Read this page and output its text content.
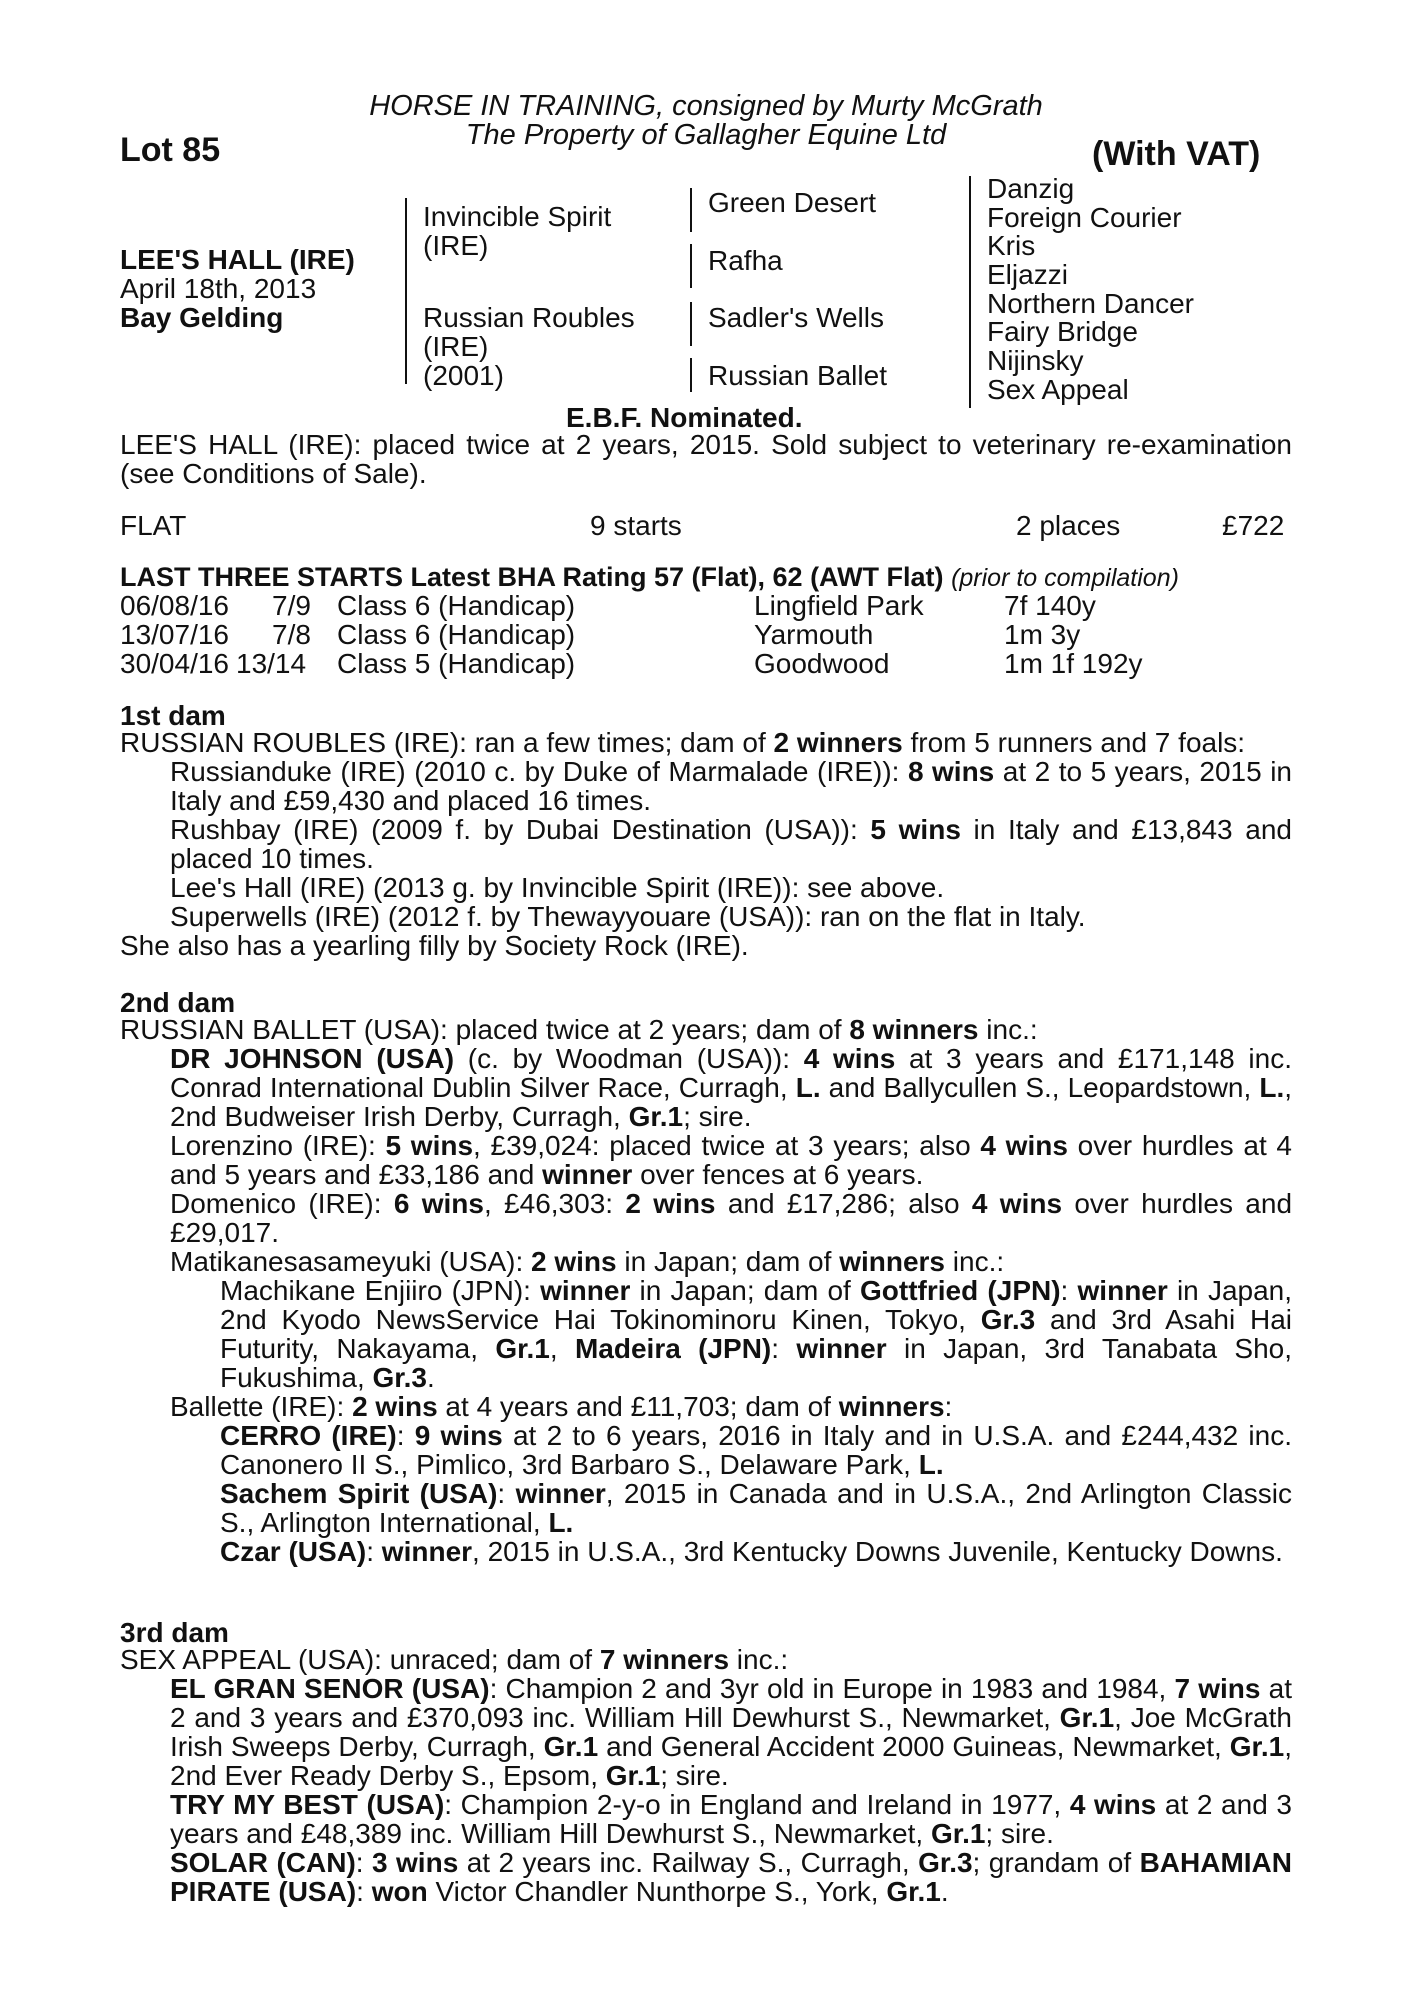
HORSE IN TRAINING, consigned by Murty McGrath
The Property of Gallagher Equine Ltd
Lot 85	(With VAT)
LEE'S HALL (IRE)
April 18th, 2013
Bay Gelding
Invincible Spirit
(IRE)
Russian Roubles
(IRE)
(2001)
Green Desert
Rafha
Sadler's Wells
Russian Ballet
Danzig
Foreign Courier
Kris
Eljazzi
Northern Dancer
Fairy Bridge
Nijinsky
Sex Appeal
E.B.F. Nominated.
LEE'S HALL (IRE): placed twice at 2 years, 2015. Sold subject to veterinary re-examination (see Conditions of Sale).
FLAT	9 starts	2 places	£722
LAST THREE STARTS Latest BHA Rating 57 (Flat), 62 (AWT Flat) (prior to compilation)
06/08/16 7/9 Class 6 (Handicap)	Lingfield Park	7f 140y
13/07/16 7/8 Class 6 (Handicap)	Yarmouth	1m 3y
30/04/16 13/14 Class 5 (Handicap)	Goodwood	1m 1f 192y
1st dam
RUSSIAN ROUBLES (IRE): ran a few times; dam of 2 winners from 5 runners and 7 foals:
Russianduke (IRE) (2010 c. by Duke of Marmalade (IRE)): 8 wins at 2 to 5 years, 2015 in Italy and £59,430 and placed 16 times.
Rushbay (IRE) (2009 f. by Dubai Destination (USA)): 5 wins in Italy and £13,843 and placed 10 times.
Lee's Hall (IRE) (2013 g. by Invincible Spirit (IRE)): see above.
Superwells (IRE) (2012 f. by Thewayyouare (USA)): ran on the flat in Italy.
She also has a yearling filly by Society Rock (IRE).
2nd dam
RUSSIAN BALLET (USA): placed twice at 2 years; dam of 8 winners inc.:
DR JOHNSON (USA) (c. by Woodman (USA)): 4 wins at 3 years and £171,148 inc. Conrad International Dublin Silver Race, Curragh, L. and Ballycullen S., Leopardstown, L., 2nd Budweiser Irish Derby, Curragh, Gr.1; sire.
Lorenzino (IRE): 5 wins, £39,024: placed twice at 3 years; also 4 wins over hurdles at 4 and 5 years and £33,186 and winner over fences at 6 years.
Domenico (IRE): 6 wins, £46,303: 2 wins and £17,286; also 4 wins over hurdles and £29,017.
Matikanesasameyuki (USA): 2 wins in Japan; dam of winners inc.:
Machikane Enjiiro (JPN): winner in Japan; dam of Gottfried (JPN): winner in Japan, 2nd Kyodo NewsService Hai Tokinominoru Kinen, Tokyo, Gr.3 and 3rd Asahi Hai Futurity, Nakayama, Gr.1, Madeira (JPN): winner in Japan, 3rd Tanabata Sho, Fukushima, Gr.3.
Ballette (IRE): 2 wins at 4 years and £11,703; dam of winners:
CERRO (IRE): 9 wins at 2 to 6 years, 2016 in Italy and in U.S.A. and £244,432 inc. Canonero II S., Pimlico, 3rd Barbaro S., Delaware Park, L.
Sachem Spirit (USA): winner, 2015 in Canada and in U.S.A., 2nd Arlington Classic S., Arlington International, L.
Czar (USA): winner, 2015 in U.S.A., 3rd Kentucky Downs Juvenile, Kentucky Downs.
3rd dam
SEX APPEAL (USA): unraced; dam of 7 winners inc.:
EL GRAN SENOR (USA): Champion 2 and 3yr old in Europe in 1983 and 1984, 7 wins at 2 and 3 years and £370,093 inc. William Hill Dewhurst S., Newmarket, Gr.1, Joe McGrath Irish Sweeps Derby, Curragh, Gr.1 and General Accident 2000 Guineas, Newmarket, Gr.1, 2nd Ever Ready Derby S., Epsom, Gr.1; sire.
TRY MY BEST (USA): Champion 2-y-o in England and Ireland in 1977, 4 wins at 2 and 3 years and £48,389 inc. William Hill Dewhurst S., Newmarket, Gr.1; sire.
SOLAR (CAN): 3 wins at 2 years inc. Railway S., Curragh, Gr.3; grandam of BAHAMIAN PIRATE (USA): won Victor Chandler Nunthorpe S., York, Gr.1.
